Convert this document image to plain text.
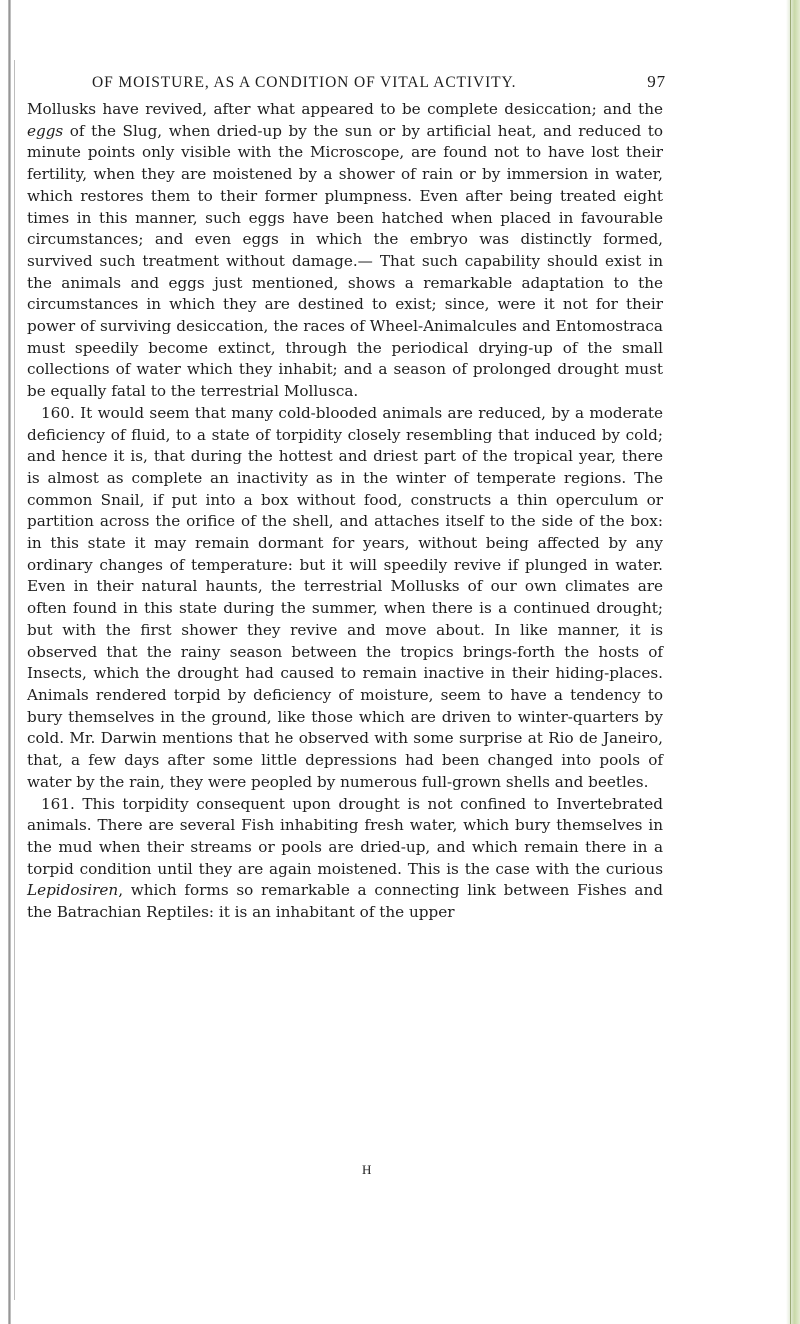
OF MOISTURE, AS A CONDITION OF VITAL ACTIVITY.	97

Mollusks have revived, after what appeared to be complete desiccation; and the eggs of the Slug, when dried-up by the sun or by artificial heat, and reduced to minute points only visible with the Microscope, are found not to have lost their fertility, when they are moistened by a shower of rain or by immersion in water, which restores them to their former plumpness. Even after being treated eight times in this manner, such eggs have been hatched when placed in favourable circumstances; and even eggs in which the embryo was distinctly formed, survived such treatment without damage.— That such capability should exist in the animals and eggs just mentioned, shows a remarkable adaptation to the circumstances in which they are destined to exist; since, were it not for their power of surviving desiccation, the races of Wheel-Animalcules and Entomostraca must speedily become extinct, through the periodical drying-up of the small collections of water which they inhabit; and a season of prolonged drought must be equally fatal to the terrestrial Mollusca.

160. It would seem that many cold-blooded animals are reduced, by a moderate deficiency of fluid, to a state of torpidity closely resembling that induced by cold; and hence it is, that during the hottest and driest part of the tropical year, there is almost as complete an inactivity as in the winter of temperate regions. The common Snail, if put into a box without food, constructs a thin operculum or partition across the orifice of the shell, and attaches itself to the side of the box: in this state it may remain dormant for years, without being affected by any ordinary changes of temperature: but it will speedily revive if plunged in water. Even in their natural haunts, the terrestrial Mollusks of our own climates are often found in this state during the summer, when there is a continued drought; but with the first shower they revive and move about. In like manner, it is observed that the rainy season between the tropics brings-forth the hosts of Insects, which the drought had caused to remain inactive in their hiding-places. Animals rendered torpid by deficiency of moisture, seem to have a tendency to bury themselves in the ground, like those which are driven to winter-quarters by cold. Mr. Darwin mentions that he observed with some surprise at Rio de Janeiro, that, a few days after some little depressions had been changed into pools of water by the rain, they were peopled by numerous full-grown shells and beetles.

161. This torpidity consequent upon drought is not confined to Invertebrated animals. There are several Fish inhabiting fresh water, which bury themselves in the mud when their streams or pools are dried-up, and which remain there in a torpid condition until they are again moistened. This is the case with the curious Lepidosiren, which forms so remarkable a connecting link between Fishes and the Batrachian Reptiles: it is an inhabitant of the upper

H
